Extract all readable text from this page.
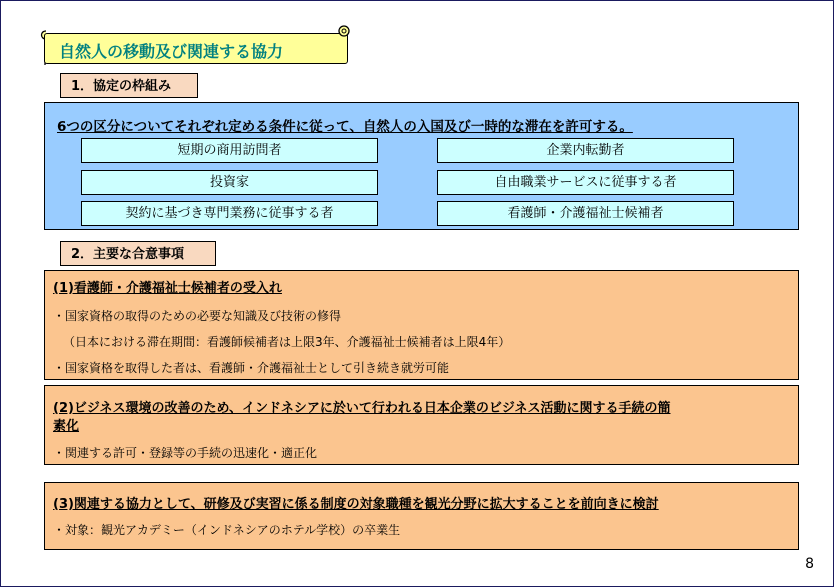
自然人の移動及び関連する協力
1．協定の枠組み
6つの区分についてそれぞれ定める条件に従って、自然人の入国及び一時的な滞在を許可する。
短期の商用訪問者	企業内転勤者
投資家	自由職業サービスに従事する者
契約に基づき専門業務に従事する者	看護師・介護福祉士候補者
2．主要な合意事項
(1)看護師・介護福祉士候補者の受入れ
・国家資格の取得のための必要な知識及び技術の修得
（日本における滞在期間：看護師候補者は上限3年、介護福祉士候補者は上限4年）
・国家資格を取得した者は、看護師・介護福祉士として引き続き就労可能
(2)ビジネス環境の改善のため、インドネシアに於いて行われる日本企業のビジネス活動に関する手続の簡
素化
・関連する許可・登録等の手続の迅速化・適正化
(3)関連する協力として、研修及び実習に係る制度の対象職種を観光分野に拡大することを前向きに検討
・対象：観光アカデミー（インドネシアのホテル学校）の卒業生
8
